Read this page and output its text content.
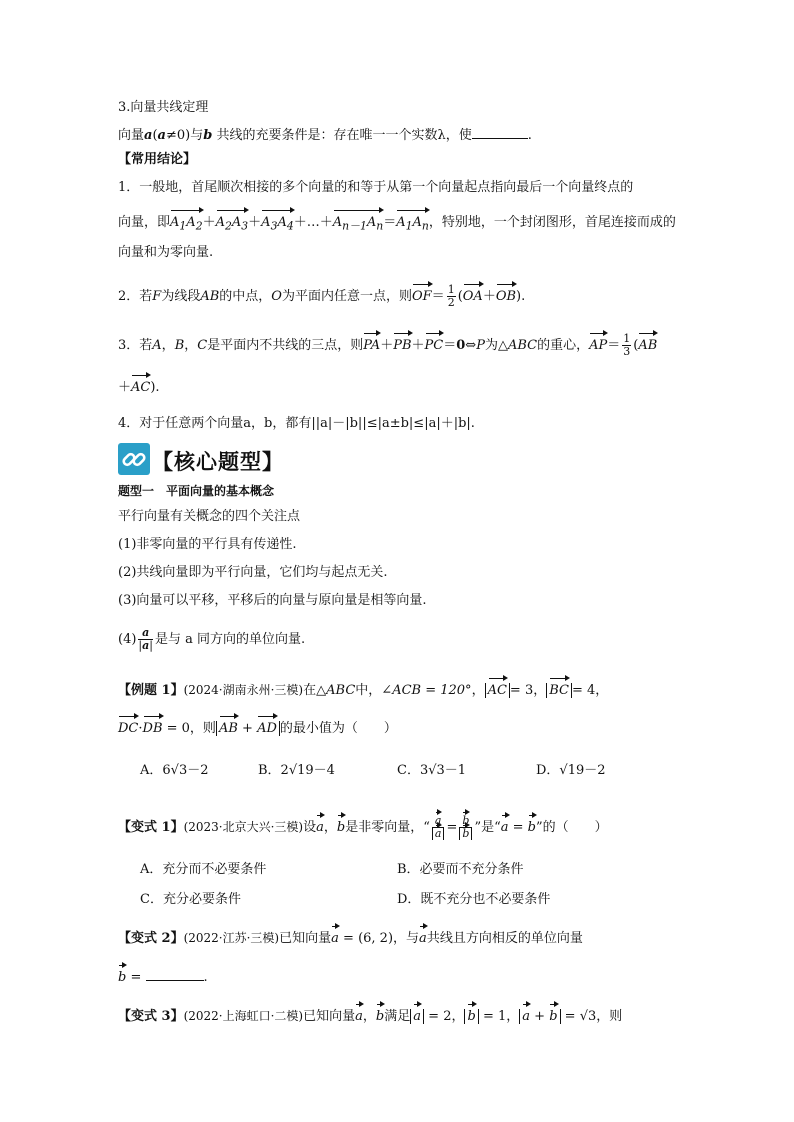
3.向量共线定理
向量a(a≠0)与b 共线的充要条件是：存在唯一一个实数λ，使	.
【常用结论】
1．一般地，首尾顺次相接的多个向量的和等于从第一个向量起点指向最后一个向量终点的
向量，即$A_1A_2+A_2A_3+A_3A_4+\dots+A_{n-1}A_n=A_1A_n$，特别地，一个封闭图形，首尾连接而成的
向量和为零向量.
2．若F为线段AB的中点，O为平面内任意一点，则$OF= \frac{1}{2} (OA+OB)$.
3．若A，B，C是平面内不共线的三点，则PA＋PB＋PC＝0⇔P为△ABC的重心，$AP= \frac{1}{3} (AB$
＋AC).
4．对于任意两个向量a，b，都有||a|－|b||≤|a±b|≤|a|＋|b|.
【核心题型】
题型一　平面向量的基本概念
平行向量有关概念的四个关注点
(1)非零向量的平行具有传递性.
(2)共线向量即为平行向量，它们均与起点无关.
(3)向量可以平移，平移后的向量与原向量是相等向量.
$(4) \frac{a}{|a|}$ 是与 a 同方向的单位向量.
【例题 1】(2024·湖南永州·三模)在△ABC中，∠ACB = 120°， AC = 3， BC = 4，
DC·DB = 0，则 AB + AD 的最小值为（　　）
A．6√3－2	B．2√19－4	C．3√3－1	D．√19－2
【变式 1】(2023·北京大兴·三模)设a，b是非零向量，“ $\frac{a}{a} = \frac{b}{b}$ ”是“a = b”的（　　）
A．充分而不必要条件	B．必要而不充分条件
C．充分必要条件	D．既不充分也不必要条件
【变式 2】(2022·江苏·三模)已知向量a = (6, 2)，与a共线且方向相反的单位向量
b =	.
【变式 3】(2022·上海虹口·二模)已知向量a，b满足 a = 2， b = 1， a + b = √3，则
